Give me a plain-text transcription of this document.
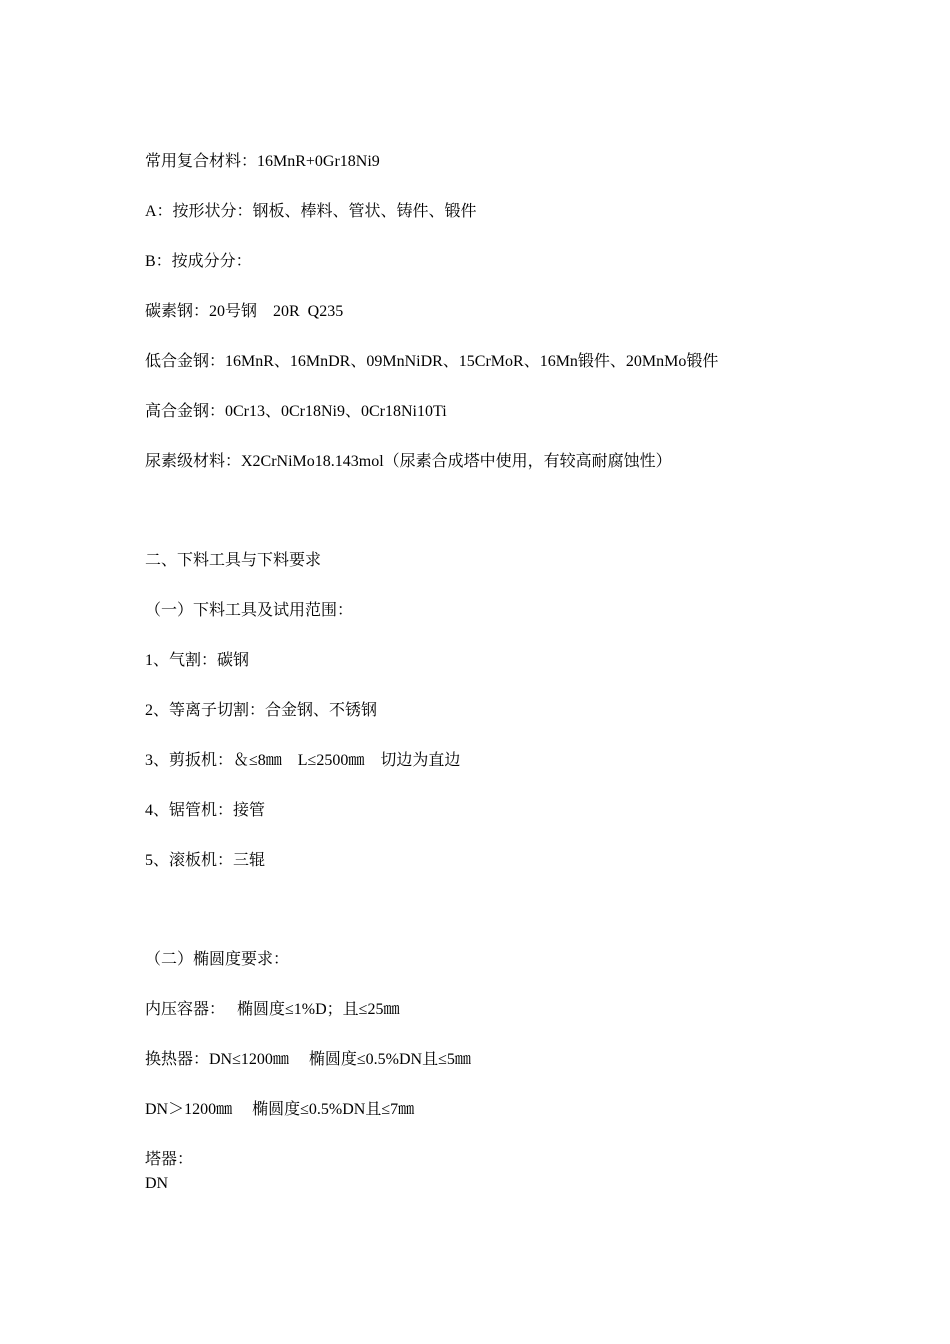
常用复合材料：16MnR+0Gr18Ni9
A：按形状分：钢板、棒料、管状、铸件、锻件
B：按成分分：
碳素钢：20号钢　20R  Q235
低合金钢：16MnR、16MnDR、09MnNiDR、15CrMoR、16Mn锻件、20MnMo锻件
高合金钢：0Cr13、0Cr18Ni9、0Cr18Ni10Ti
尿素级材料：X2CrNiMo18.143mol（尿素合成塔中使用，有较高耐腐蚀性）
二、下料工具与下料要求
（一）下料工具及试用范围：
1、气割：碳钢
2、等离子切割：合金钢、不锈钢
3、剪扳机：＆≤8㎜　L≤2500㎜　切边为直边
4、锯管机：接管
5、滚板机：三辊
（二）椭圆度要求：
内压容器：　 椭圆度≤1%D；且≤25㎜
换热器：DN≤1200㎜　 椭圆度≤0.5%DN且≤5㎜
DN＞1200㎜　 椭圆度≤0.5%DN且≤7㎜
塔器：
DN
